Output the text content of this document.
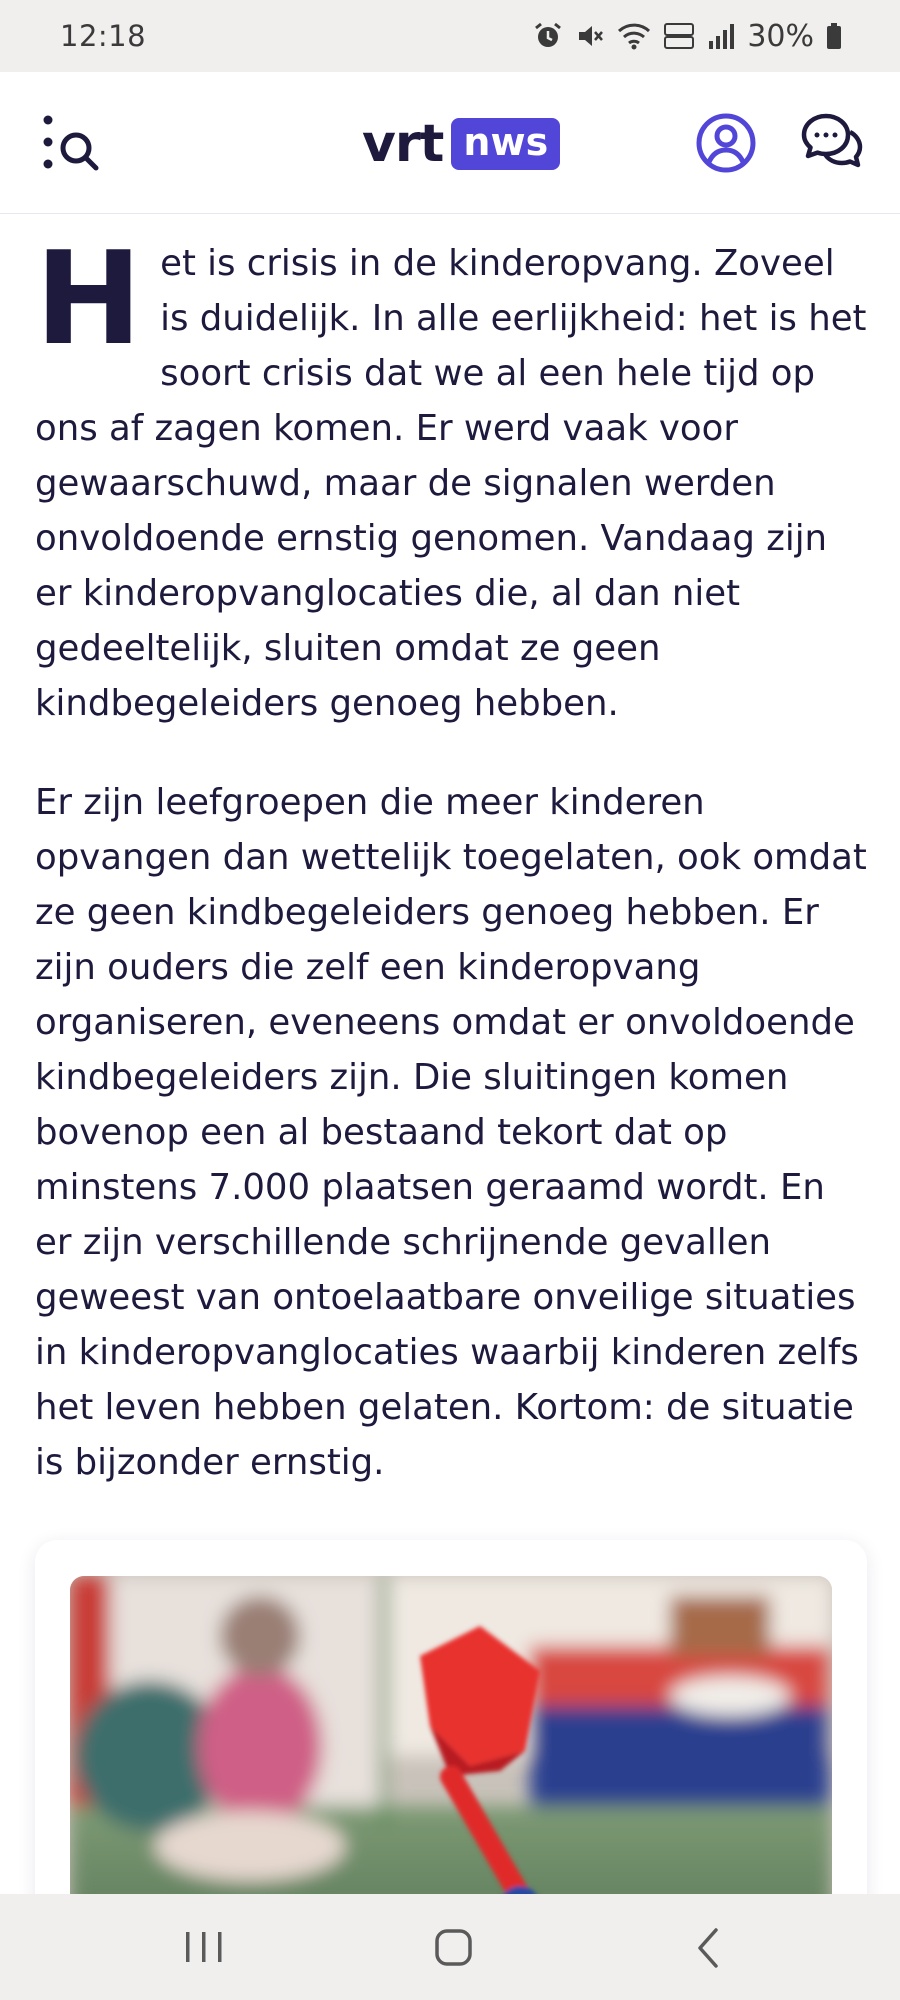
12:18	30%
vrt nws

H et is crisis in de kinderopvang. Zoveel is duidelijk. In alle eerlijkheid: het is het soort crisis dat we al een hele tijd op ons af zagen komen. Er werd vaak voor gewaarschuwd, maar de signalen werden onvoldoende ernstig genomen. Vandaag zijn er kinderopvanglocaties die, al dan niet gedeeltelijk, sluiten omdat ze geen kindbegeleiders genoeg hebben.

Er zijn leefgroepen die meer kinderen opvangen dan wettelijk toegelaten, ook omdat ze geen kindbegeleiders genoeg hebben. Er zijn ouders die zelf een kinderopvang organiseren, eveneens omdat er onvoldoende kindbegeleiders zijn. Die sluitingen komen bovenop een al bestaand tekort dat op minstens 7.000 plaatsen geraamd wordt. En er zijn verschillende schrijnende gevallen geweest van ontoelaatbare onveilige situaties in kinderopvanglocaties waarbij kinderen zelfs het leven hebben gelaten. Kortom: de situatie is bijzonder ernstig.
